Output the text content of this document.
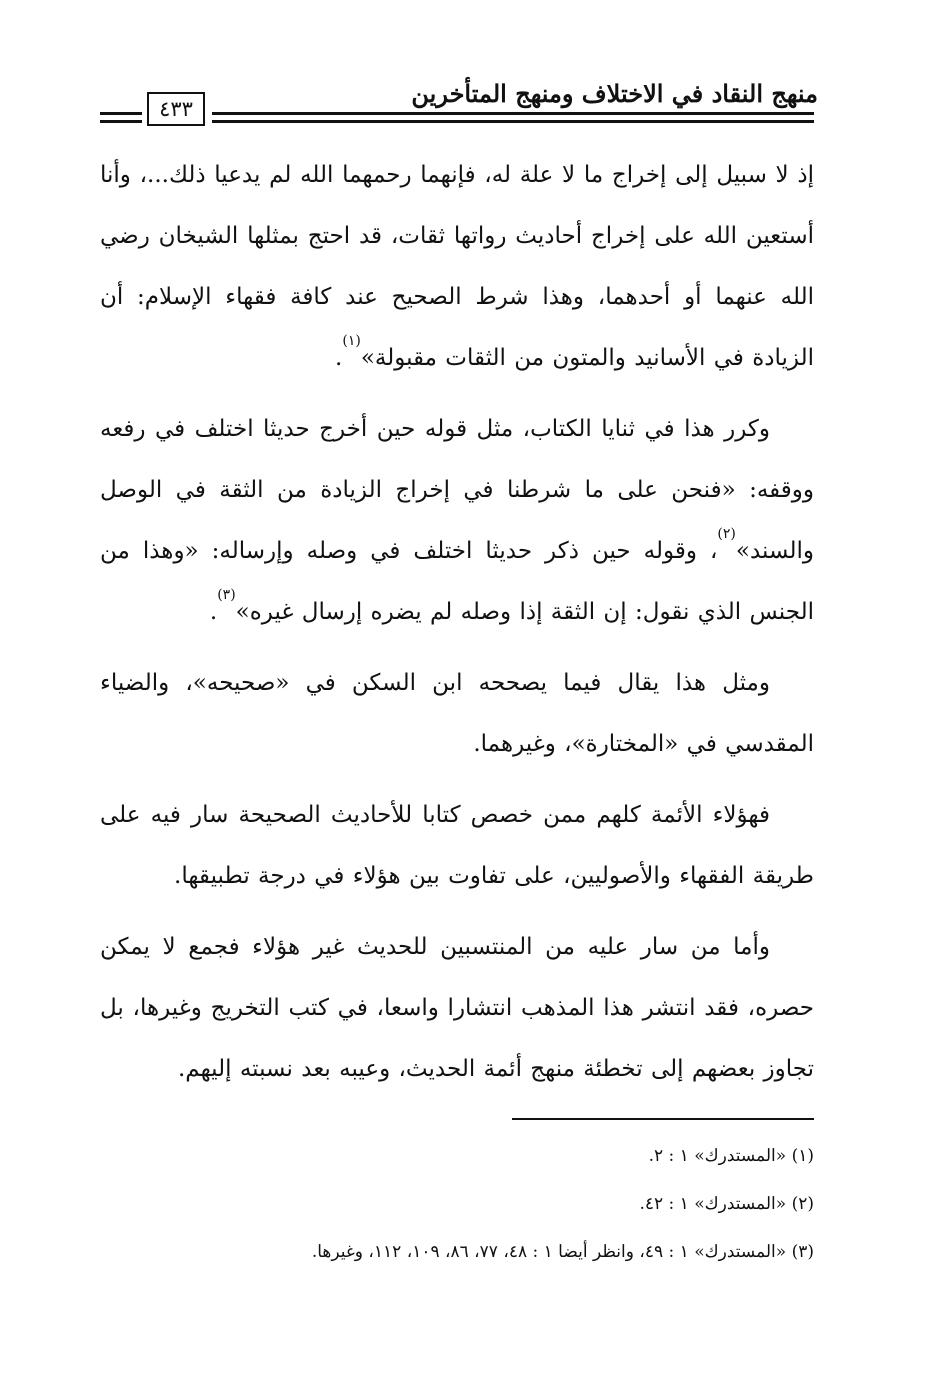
منهج النقاد في الاختلاف ومنهج المتأخرين
٤٣٣

إذ لا سبيل إلى إخراج ما لا علة له، فإنهما رحمهما الله لم يدعيا ذلك...، وأنا أستعين الله على إخراج أحاديث رواتها ثقات، قد احتج بمثلها الشيخان رضي الله عنهما أو أحدهما، وهذا شرط الصحيح عند كافة فقهاء الإسلام: أن الزيادة في الأسانيد والمتون من الثقات مقبولة»$^{(١)}$.

وكرر هذا في ثنايا الكتاب، مثل قوله حين أخرج حديثا اختلف في رفعه ووقفه: «فنحن على ما شرطنا في إخراج الزيادة من الثقة في الوصل والسند»$^{(٢)}$، وقوله حين ذكر حديثا اختلف في وصله وإرساله: «وهذا من الجنس الذي نقول: إن الثقة إذا وصله لم يضره إرسال غيره»$^{(٣)}$.

ومثل هذا يقال فيما يصححه ابن السكن في «صحيحه»، والضياء المقدسي في «المختارة»، وغيرهما.

فهؤلاء الأئمة كلهم ممن خصص كتابا للأحاديث الصحيحة سار فيه على طريقة الفقهاء والأصوليين، على تفاوت بين هؤلاء في درجة تطبيقها.

وأما من سار عليه من المنتسبين للحديث غير هؤلاء فجمع لا يمكن حصره، فقد انتشر هذا المذهب انتشارا واسعا، في كتب التخريج وغيرها، بل تجاوز بعضهم إلى تخطئة منهج أئمة الحديث، وعيبه بعد نسبته إليهم.

(١) «المستدرك» ١ : ٢.

(٢) «المستدرك» ١ : ٤٢.

(٣) «المستدرك» ١ : ٤٩، وانظر أيضا ١ : ٤٨، ٧٧، ٨٦، ١٠٩، ١١٢، وغيرها.
